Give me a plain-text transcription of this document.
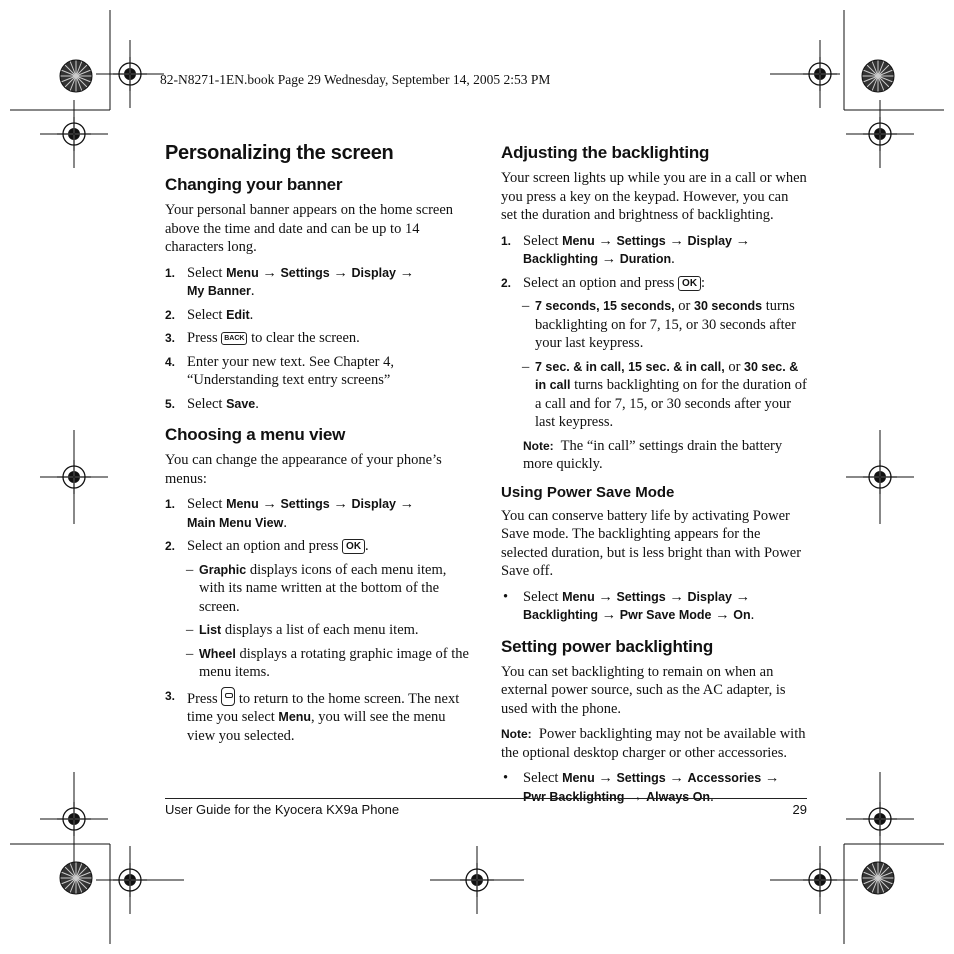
82-N8271-1EN.book Page 29 Wednesday, September 14, 2005 2:53 PM
Personalizing the screen
Changing your banner

Your personal banner appears on the home screen above the time and date and can be up to 14 characters long.

1. Select Menu → Settings → Display →
My Banner.
2. Select Edit.
3. Press BACK to clear the screen.
4. Enter your new text. See Chapter 4, “Understanding text entry screens”
5. Select Save.
Choosing a menu view

You can change the appearance of your phone’s menus:

1. Select Menu → Settings → Display →
Main Menu View.
2. Select an option and press OK .
– Graphic displays icons of each menu item, with its name written at the bottom of the screen.
– List displays a list of each menu item.
– Wheel displays a rotating graphic image of the menu items.
3. Press  to return to the home screen. The next time you select Menu, you will see the menu view you selected.
Adjusting the backlighting

Your screen lights up while you are in a call or when you press a key on the keypad. However, you can set the duration and brightness of backlighting.

1. Select Menu → Settings → Display →
Backlighting → Duration.
2. Select an option and press OK :
– 7 seconds, 15 seconds, or 30 seconds turns backlighting on for 7, 15, or 30 seconds after your last keypress.
– 7 sec. & in call, 15 sec. & in call, or 30 sec. & in call turns backlighting on for the duration of a call and for 7, 15, or 30 seconds after your last keypress.

Note: The “in call” settings drain the battery more quickly.

Using Power Save Mode

You can conserve battery life by activating Power Save mode. The backlighting appears for the selected duration, but is less bright than with Power Save off.

• Select Menu → Settings → Display →
Backlighting → Pwr Save Mode → On.
Setting power backlighting

You can set backlighting to remain on when an external power source, such as the AC adapter, is used with the phone.

Note: Power backlighting may not be available with the optional desktop charger or other accessories.

• Select Menu → Settings → Accessories →
Pwr Backlighting → Always On.
User Guide for the Kyocera KX9a Phone	29
